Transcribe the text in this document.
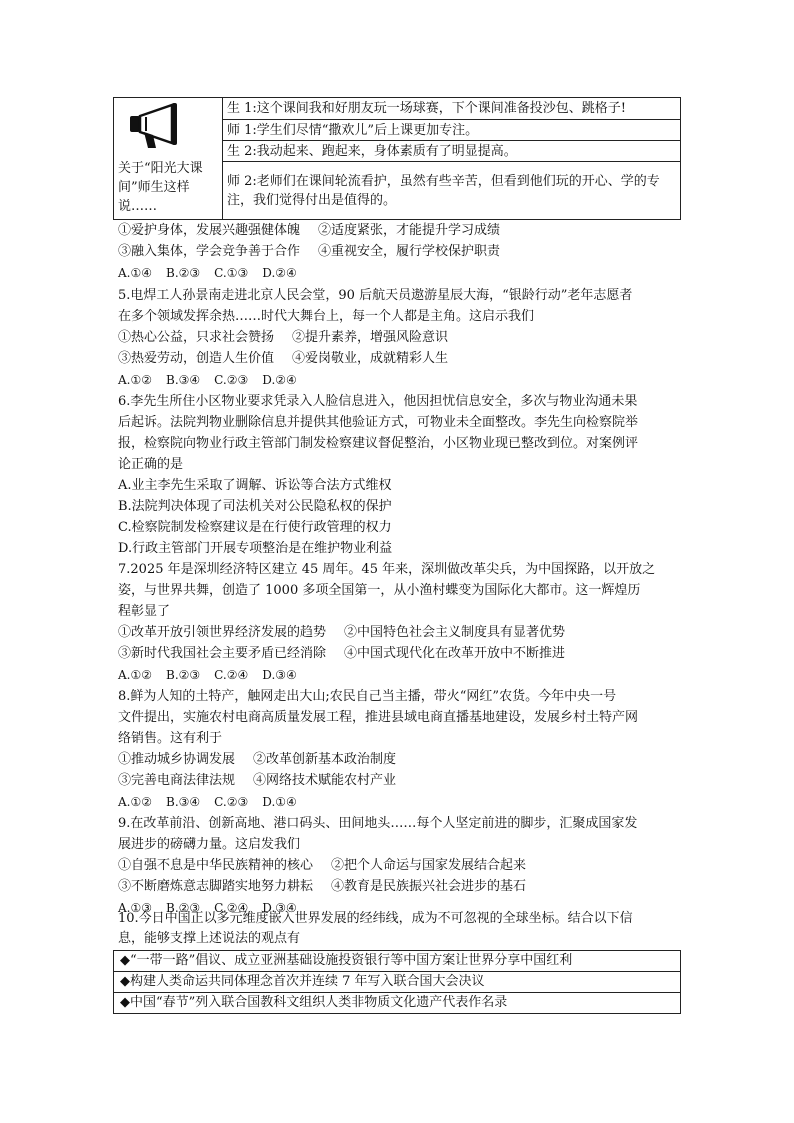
关于“阳光大课间”师生这样说……
	生 1:这个课间我和好朋友玩一场球赛，下个课间准备投沙包、跳格子!
师 1:学生们尽情“撒欢儿”后上课更加专注。
生 2:我动起来、跑起来，身体素质有了明显提高。
师 2:老师们在课间轮流看护，虽然有些辛苦，但看到他们玩的开心、学的专注，我们觉得付出是值得的。
①爱护身体，发展兴趣强健体魄 ②适度紧张，才能提升学习成绩
③融入集体，学会竞争善于合作 ④重视安全，履行学校保护职责
A.①④ B.②③ C.①③ D.②④
5.电焊工人孙景南走进北京人民会堂，90 后航天员遨游星辰大海，“银龄行动”老年志愿者
在多个领域发挥余热……时代大舞台上，每一个人都是主角。这启示我们
①热心公益，只求社会赞扬 ②提升素养，增强风险意识
③热爱劳动，创造人生价值 ④爱岗敬业，成就精彩人生
A.①② B.③④ C.②③ D.②④
6.李先生所住小区物业要求凭录入人脸信息进入，他因担忧信息安全，多次与物业沟通未果
后起诉。法院判物业删除信息并提供其他验证方式，可物业未全面整改。李先生向检察院举
报，检察院向物业行政主管部门制发检察建议督促整治，小区物业现已整改到位。对案例评
论正确的是
A.业主李先生采取了调解、诉讼等合法方式维权
B.法院判决体现了司法机关对公民隐私权的保护
C.检察院制发检察建议是在行使行政管理的权力
D.行政主管部门开展专项整治是在维护物业利益
7.2025 年是深圳经济特区建立 45 周年。45 年来，深圳做改革尖兵，为中国探路，以开放之
姿，与世界共舞，创造了 1000 多项全国第一，从小渔村蝶变为国际化大都市。这一辉煌历
程彰显了
①改革开放引领世界经济发展的趋势 ②中国特色社会主义制度具有显著优势
③新时代我国社会主要矛盾已经消除 ④中国式现代化在改革开放中不断推进
A.①② B.②③ C.②④ D.③④
8.鲜为人知的土特产，触网走出大山;农民自己当主播，带火“网红”农货。今年中央一号
文件提出，实施农村电商高质量发展工程，推进县域电商直播基地建设，发展乡村土特产网
络销售。这有利于
①推动城乡协调发展 ②改革创新基本政治制度
③完善电商法律法规 ④网络技术赋能农村产业
A.①② B.③④ C.②③ D.①④
9.在改革前沿、创新高地、港口码头、田间地头……每个人坚定前进的脚步，汇聚成国家发
展进步的磅礴力量。这启发我们
①自强不息是中华民族精神的核心 ②把个人命运与国家发展结合起来
③不断磨炼意志脚踏实地努力耕耘 ④教育是民族振兴社会进步的基石
A.①③ B.②③ C.②④ D.③④
10.今日中国正以多元维度嵌入世界发展的经纬线，成为不可忽视的全球坐标。结合以下信
息，能够支撑上述说法的观点有
◆“一带一路”倡议、成立亚洲基础设施投资银行等中国方案让世界分享中国红利
◆构建人类命运共同体理念首次并连续 7 年写入联合国大会决议
◆中国“春节”列入联合国教科文组织人类非物质文化遗产代表作名录
